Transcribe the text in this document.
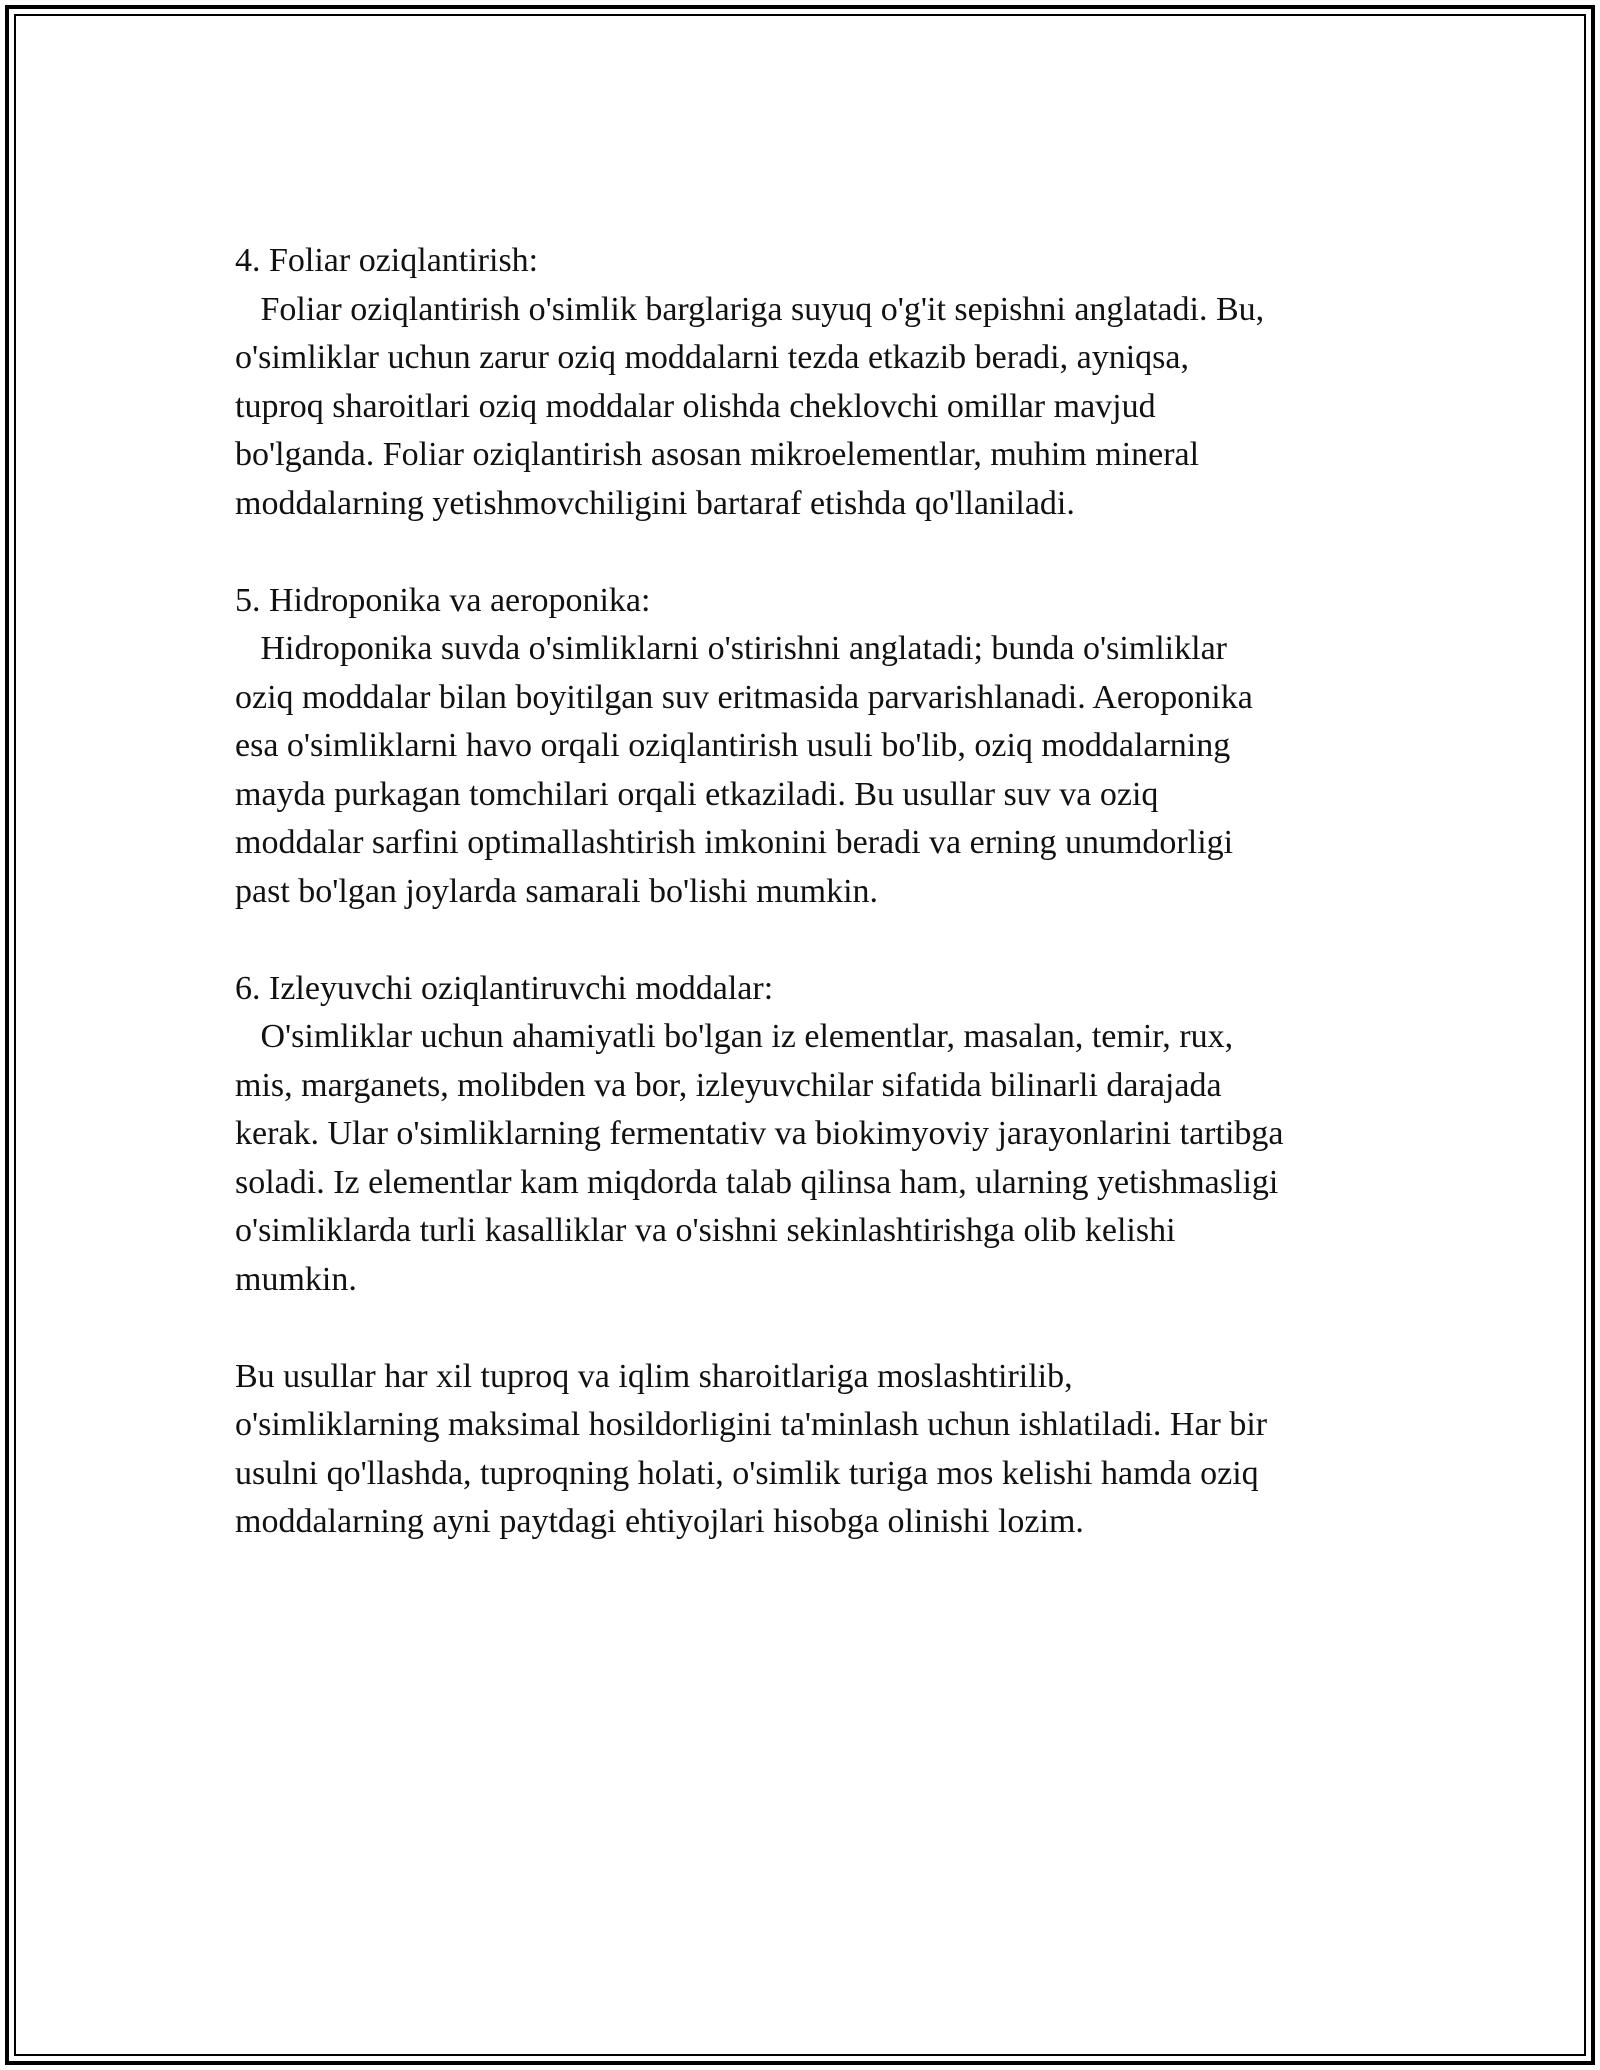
4. Foliar oziqlantirish:
Foliar oziqlantirish o'simlik barglariga suyuq o'g'it sepishni anglatadi. Bu,
o'simliklar uchun zarur oziq moddalarni tezda etkazib beradi, ayniqsa,
tuproq sharoitlari oziq moddalar olishda cheklovchi omillar mavjud
bo'lganda. Foliar oziqlantirish asosan mikroelementlar, muhim mineral
moddalarning yetishmovchiligini bartaraf etishda qo'llaniladi.
5. Hidroponika va aeroponika:
Hidroponika suvda o'simliklarni o'stirishni anglatadi; bunda o'simliklar
oziq moddalar bilan boyitilgan suv eritmasida parvarishlanadi. Aeroponika
esa o'simliklarni havo orqali oziqlantirish usuli bo'lib, oziq moddalarning
mayda purkagan tomchilari orqali etkaziladi. Bu usullar suv va oziq
moddalar sarfini optimallashtirish imkonini beradi va erning unumdorligi
past bo'lgan joylarda samarali bo'lishi mumkin.
6. Izleyuvchi oziqlantiruvchi moddalar:
O'simliklar uchun ahamiyatli bo'lgan iz elementlar, masalan, temir, rux,
mis, marganets, molibden va bor, izleyuvchilar sifatida bilinarli darajada
kerak. Ular o'simliklarning fermentativ va biokimyoviy jarayonlarini tartibga
soladi. Iz elementlar kam miqdorda talab qilinsa ham, ularning yetishmasligi
o'simliklarda turli kasalliklar va o'sishni sekinlashtirishga olib kelishi
mumkin.
Bu usullar har xil tuproq va iqlim sharoitlariga moslashtirilib,
o'simliklarning maksimal hosildorligini ta'minlash uchun ishlatiladi. Har bir
usulni qo'llashda, tuproqning holati, o'simlik turiga mos kelishi hamda oziq
moddalarning ayni paytdagi ehtiyojlari hisobga olinishi lozim.
